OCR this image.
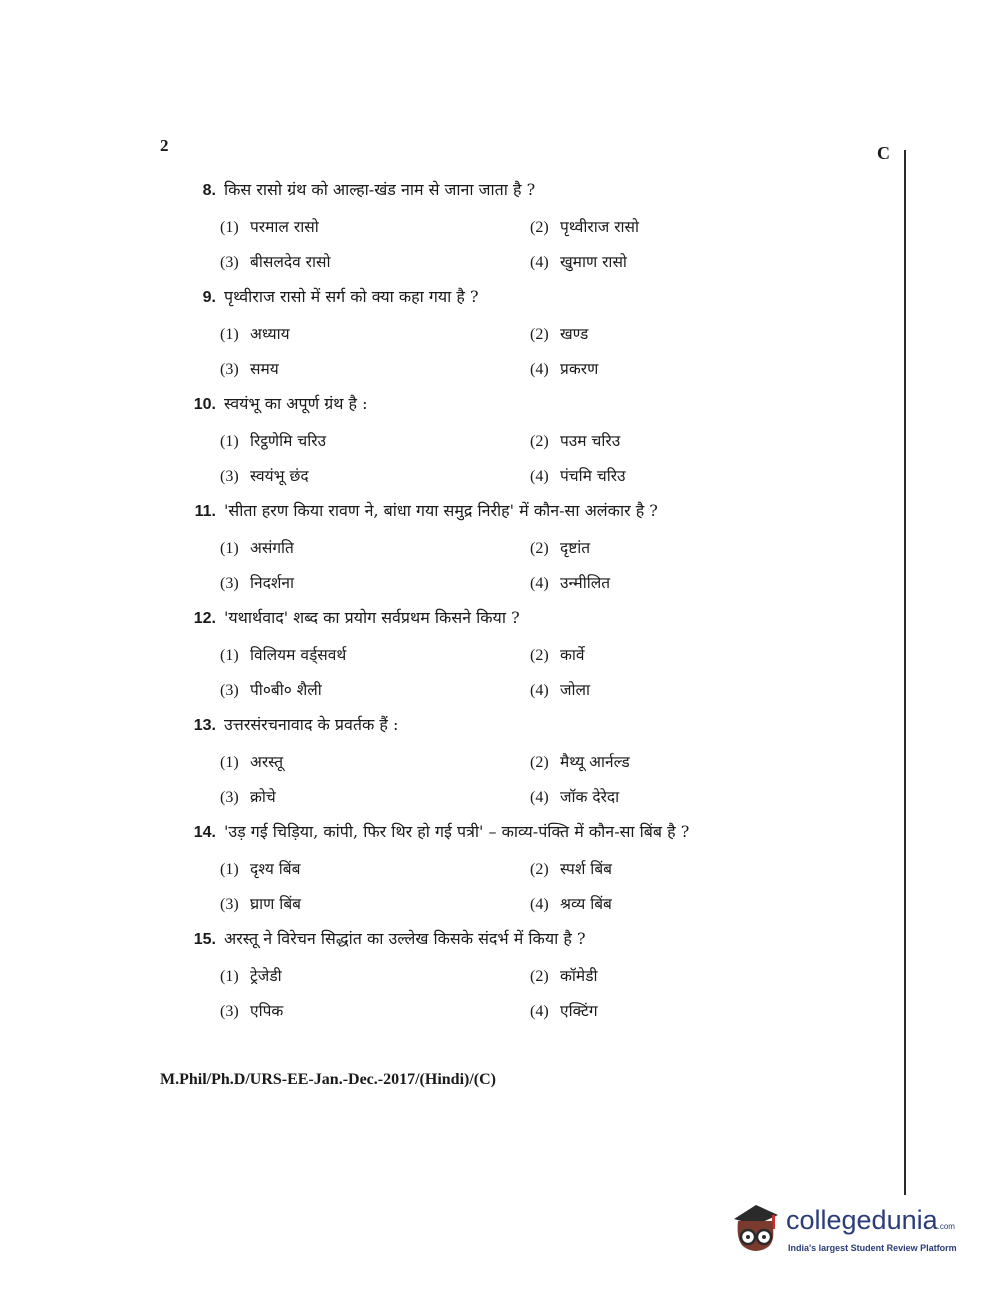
2	C
8. किस रासो ग्रंथ को आल्हा-खंड नाम से जाना जाता है ?
(1) परमाल रासो	(2) पृथ्वीराज रासो
(3) बीसलदेव रासो	(4) खुमाण रासो
9. पृथ्वीराज रासो में सर्ग को क्या कहा गया है ?
(1) अध्याय	(2) खण्ड
(3) समय	(4) प्रकरण
10. स्वयंभू का अपूर्ण ग्रंथ है :
(1) रिट्ठणेमि चरिउ	(2) पउम चरिउ
(3) स्वयंभू छंद	(4) पंचमि चरिउ
11. 'सीता हरण किया रावण ने, बांधा गया समुद्र निरीह' में कौन-सा अलंकार है ?
(1) असंगति	(2) दृष्टांत
(3) निदर्शना	(4) उन्मीलित
12. 'यथार्थवाद' शब्द का प्रयोग सर्वप्रथम किसने किया ?
(1) विलियम वर्ड्सवर्थ	(2) कार्वे
(3) पी०बी० शैली	(4) जोला
13. उत्तरसंरचनावाद के प्रवर्तक हैं :
(1) अरस्तू	(2) मैथ्यू आर्नल्ड
(3) क्रोचे	(4) जॉक देरेदा
14. 'उड़ गई चिड़िया, कांपी, फिर थिर हो गई पत्री' – काव्य-पंक्ति में कौन-सा बिंब है ?
(1) दृश्य बिंब	(2) स्पर्श बिंब
(3) घ्राण बिंब	(4) श्रव्य बिंब
15. अरस्तू ने विरेचन सिद्धांत का उल्लेख किसके संदर्भ में किया है ?
(1) ट्रेजेडी	(2) कॉमेडी
(3) एपिक	(4) एक्टिंग
M.Phil/Ph.D/URS-EE-Jan.-Dec.-2017/(Hindi)/(C)
collegedunia.com
India's largest Student Review Platform
